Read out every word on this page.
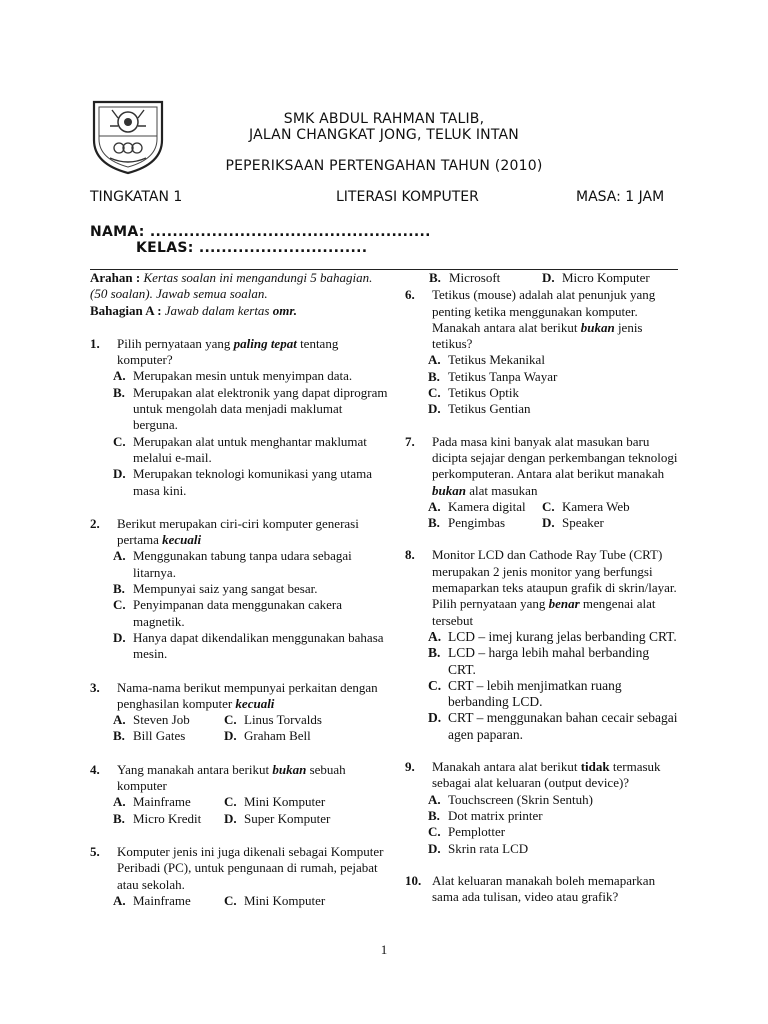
SMK ABDUL RAHMAN TALIB,
JALAN CHANGKAT JONG, TELUK INTAN
PEPERIKSAAN PERTENGAHAN TAHUN (2010)
TINGKATAN 1	LITERASI KOMPUTER	MASA: 1 JAM
NAMA: ..................................................
KELAS: ..............................
Arahan : Kertas soalan ini mengandungi 5 bahagian. (50 soalan). Jawab semua soalan.
Bahagian A : Jawab dalam kertas omr.
1. Pilih pernyataan yang paling tepat tentang komputer?
A. Merupakan mesin untuk menyimpan data.
B. Merupakan alat elektronik yang dapat diprogram untuk mengolah data menjadi maklumat berguna.
C. Merupakan alat untuk menghantar maklumat melalui e-mail.
D. Merupakan teknologi komunikasi yang utama masa kini.
2. Berikut merupakan ciri-ciri komputer generasi pertama kecuali
A. Menggunakan tabung tanpa udara sebagai litarnya.
B. Mempunyai saiz yang sangat besar.
C. Penyimpanan data menggunakan cakera magnetik.
D. Hanya dapat dikendalikan menggunakan bahasa mesin.
3. Nama-nama berikut mempunyai perkaitan dengan penghasilan komputer kecuali
A. Steven Job	C. Linus Torvalds
B. Bill Gates	D. Graham Bell
4. Yang manakah antara berikut bukan sebuah komputer
A. Mainframe	C. Mini Komputer
B. Micro Kredit	D. Super Komputer
5. Komputer jenis ini juga dikenali sebagai Komputer Peribadi (PC), untuk pengunaan di rumah, pejabat atau sekolah.
A. Mainframe	C. Mini Komputer
B. Microsoft	D. Micro Komputer
6. Tetikus (mouse) adalah alat penunjuk yang penting ketika menggunakan komputer. Manakah antara alat berikut bukan jenis tetikus?
A. Tetikus Mekanikal
B. Tetikus Tanpa Wayar
C. Tetikus Optik
D. Tetikus Gentian
7. Pada masa kini banyak alat masukan baru dicipta sejajar dengan perkembangan teknologi perkomputeran. Antara alat berikut manakah bukan alat masukan
A. Kamera digital	C. Kamera Web
B. Pengimbas	D. Speaker
8. Monitor LCD dan Cathode Ray Tube (CRT) merupakan 2 jenis monitor yang berfungsi memaparkan teks ataupun grafik di skrin/layar. Pilih pernyataan yang benar mengenai alat tersebut
A. LCD – imej kurang jelas berbanding CRT.
B. LCD – harga lebih mahal berbanding CRT.
C. CRT – lebih menjimatkan ruang berbanding LCD.
D. CRT – menggunakan bahan cecair sebagai agen paparan.
9. Manakah antara alat berikut tidak termasuk sebagai alat keluaran (output device)?
A. Touchscreen (Skrin Sentuh)
B. Dot matrix printer
C. Pemplotter
D. Skrin rata LCD
10. Alat keluaran manakah boleh memaparkan sama ada tulisan, video atau grafik?
1
